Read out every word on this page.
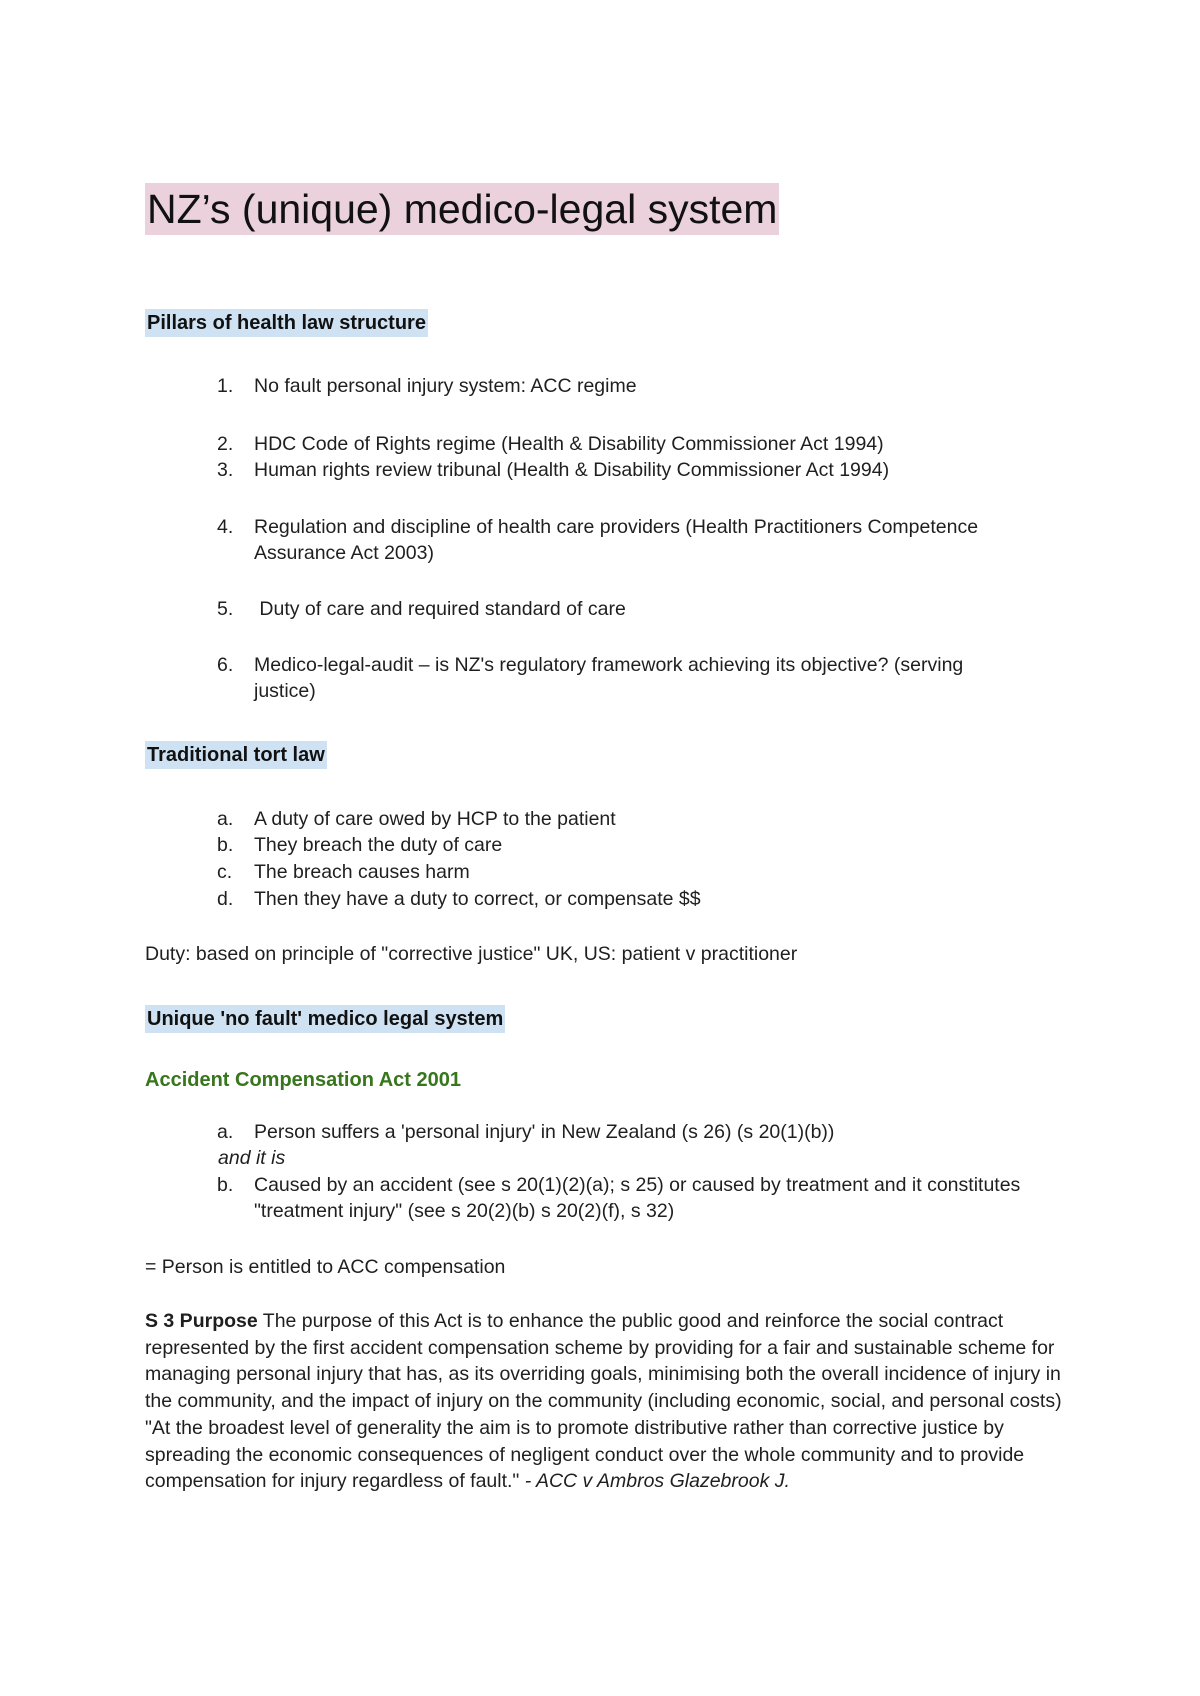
NZ’s (unique) medico-legal system
Pillars of health law structure
1. No fault personal injury system: ACC regime
2. HDC Code of Rights regime (Health & Disability Commissioner Act 1994)
3. Human rights review tribunal (Health & Disability Commissioner Act 1994)
4. Regulation and discipline of health care providers (Health Practitioners Competence
Assurance Act 2003)
5. Duty of care and required standard of care
6. Medico-legal-audit – is NZ's regulatory framework achieving its objective? (serving
justice)
Traditional tort law
a. A duty of care owed by HCP to the patient
b. They breach the duty of care
c. The breach causes harm
d. Then they have a duty to correct, or compensate $$
Duty: based on principle of "corrective justice" UK, US: patient v practitioner
Unique 'no fault' medico legal system
Accident Compensation Act 2001
a. Person suffers a 'personal injury' in New Zealand (s 26) (s 20(1)(b))
and it is
b. Caused by an accident (see s 20(1)(2)(a); s 25) or caused by treatment and it constitutes
"treatment injury" (see s 20(2)(b) s 20(2)(f), s 32)
= Person is entitled to ACC compensation
S 3 Purpose The purpose of this Act is to enhance the public good and reinforce the social contract represented by the first accident compensation scheme by providing for a fair and sustainable scheme for managing personal injury that has, as its overriding goals, minimising both the overall incidence of injury in the community, and the impact of injury on the community (including economic, social, and personal costs)
"At the broadest level of generality the aim is to promote distributive rather than corrective justice by spreading the economic consequences of negligent conduct over the whole community and to provide compensation for injury regardless of fault." - ACC v Ambros Glazebrook J.
